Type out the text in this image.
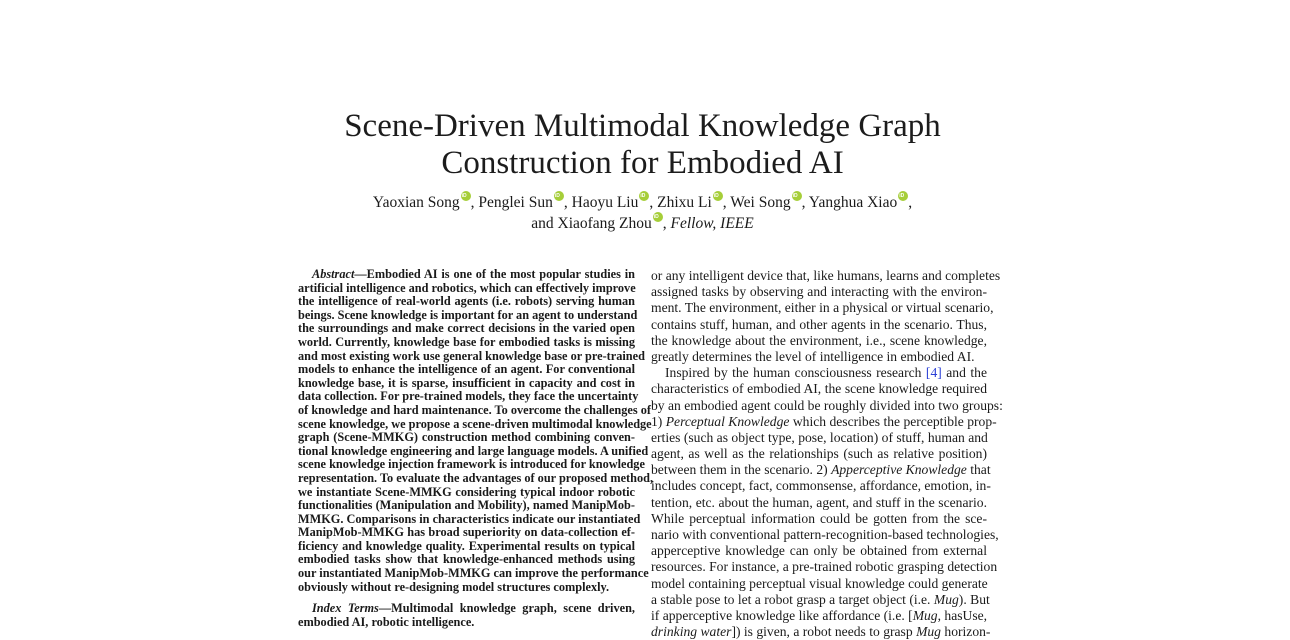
Scene-Driven Multimodal Knowledge Graph
Construction for Embodied AI
Yaoxian Song iD , Penglei Sun iD , Haoyu Liu iD , Zhixu Li iD , Wei Song iD , Yanghua Xiao iD ,
and Xiaofang Zhou iD , Fellow, IEEE
Abstract—Embodied AI is one of the most popular studies in
artificial intelligence and robotics, which can effectively improve
the intelligence of real-world agents (i.e. robots) serving human
beings. Scene knowledge is important for an agent to understand
the surroundings and make correct decisions in the varied open
world. Currently, knowledge base for embodied tasks is missing
and most existing work use general knowledge base or pre-trained
models to enhance the intelligence of an agent. For conventional
knowledge base, it is sparse, insufficient in capacity and cost in
data collection. For pre-trained models, they face the uncertainty
of knowledge and hard maintenance. To overcome the challenges of
scene knowledge, we propose a scene-driven multimodal knowledge
graph (Scene-MMKG) construction method combining conven-
tional knowledge engineering and large language models. A unified
scene knowledge injection framework is introduced for knowledge
representation. To evaluate the advantages of our proposed method,
we instantiate Scene-MMKG considering typical indoor robotic
functionalities (Manipulation and Mobility), named ManipMob-
MMKG. Comparisons in characteristics indicate our instantiated
ManipMob-MMKG has broad superiority on data-collection ef-
ficiency and knowledge quality. Experimental results on typical
embodied tasks show that knowledge-enhanced methods using
our instantiated ManipMob-MMKG can improve the performance
obviously without re-designing model structures complexly.
Index Terms—Multimodal knowledge graph, scene driven,
embodied AI, robotic intelligence.
or any intelligent device that, like humans, learns and completes
assigned tasks by observing and interacting with the environ-
ment. The environment, either in a physical or virtual scenario,
contains stuff, human, and other agents in the scenario. Thus,
the knowledge about the environment, i.e., scene knowledge,
greatly determines the level of intelligence in embodied AI.
Inspired by the human consciousness research [4] and the
characteristics of embodied AI, the scene knowledge required
by an embodied agent could be roughly divided into two groups:
1) Perceptual Knowledge which describes the perceptible prop-
erties (such as object type, pose, location) of stuff, human and
agent, as well as the relationships (such as relative position)
between them in the scenario. 2) Apperceptive Knowledge that
includes concept, fact, commonsense, affordance, emotion, in-
tention, etc. about the human, agent, and stuff in the scenario.
While perceptual information could be gotten from the sce-
nario with conventional pattern-recognition-based technologies,
apperceptive knowledge can only be obtained from external
resources. For instance, a pre-trained robotic grasping detection
model containing perceptual visual knowledge could generate
a stable pose to let a robot grasp a target object (i.e. Mug). But
if apperceptive knowledge like affordance (i.e. [Mug, hasUse,
drinking water]) is given, a robot needs to grasp Mug horizon-
